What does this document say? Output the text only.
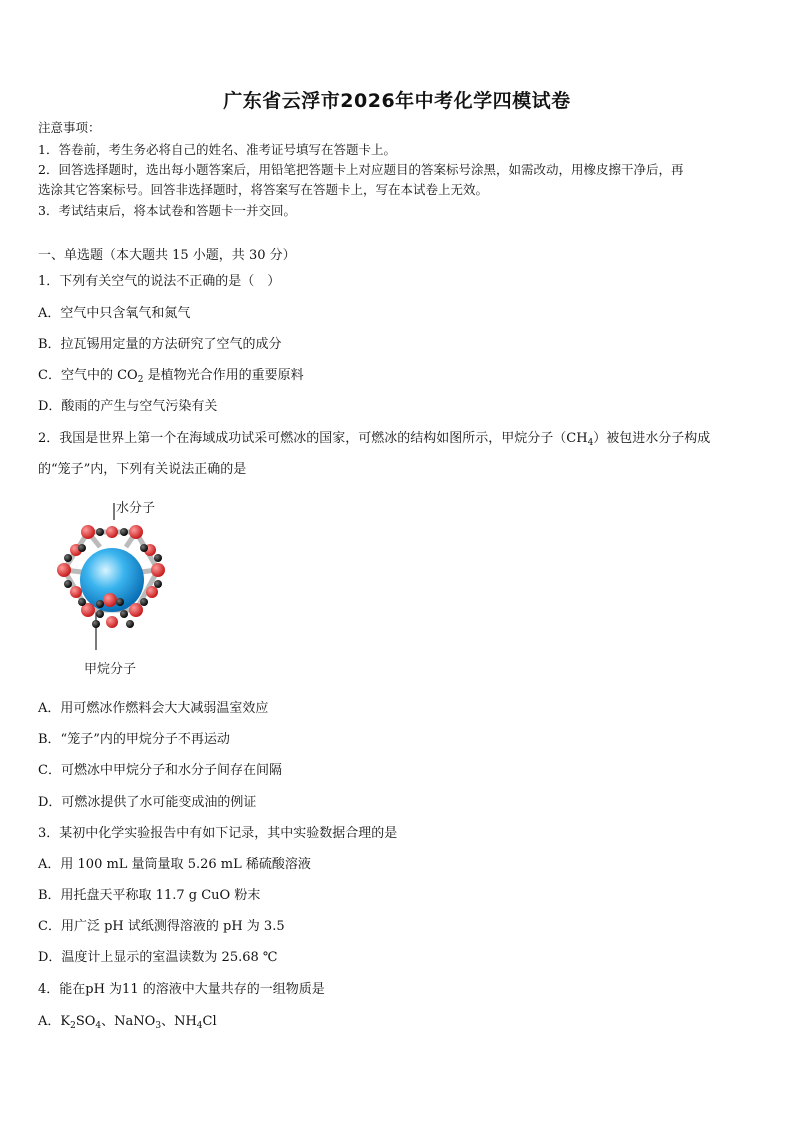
广东省云浮市2026年中考化学四模试卷
注意事项：
1．答卷前，考生务必将自己的姓名、准考证号填写在答题卡上。
2．回答选择题时，选出每小题答案后，用铅笔把答题卡上对应题目的答案标号涂黑，如需改动，用橡皮擦干净后，再
选涂其它答案标号。回答非选择题时，将答案写在答题卡上，写在本试卷上无效。
3．考试结束后，将本试卷和答题卡一并交回。
一、单选题（本大题共 15 小题，共 30 分）
1．下列有关空气的说法不正确的是（　）
A．空气中只含氧气和氮气
B．拉瓦锡用定量的方法研究了空气的成分
C．空气中的 $CO_2$ 是植物光合作用的重要原料
D．酸雨的产生与空气污染有关
2．我国是世界上第一个在海域成功试采可燃冰的国家，可燃冰的结构如图所示，甲烷分子$(CH_4)$被包进水分子构成
的“笼子”内，下列有关说法正确的是
水分子
甲烷分子
A．用可燃冰作燃料会大大减弱温室效应
B．“笼子”内的甲烷分子不再运动
C．可燃冰中甲烷分子和水分子间存在间隔
D．可燃冰提供了水可能变成油的例证
3．某初中化学实验报告中有如下记录，其中实验数据合理的是
A．用 100 mL 量筒量取 5.26 mL 稀硫酸溶液
B．用托盘天平称取 11.7 g CuO 粉末
C．用广泛 pH 试纸测得溶液的 pH 为 3.5
D．温度计上显示的室温读数为 25.68 ℃
4．能在pH 为11 的溶液中大量共存的一组物质是
A．$K_2SO_4$、NaNO$_3$、$NH_4Cl$
